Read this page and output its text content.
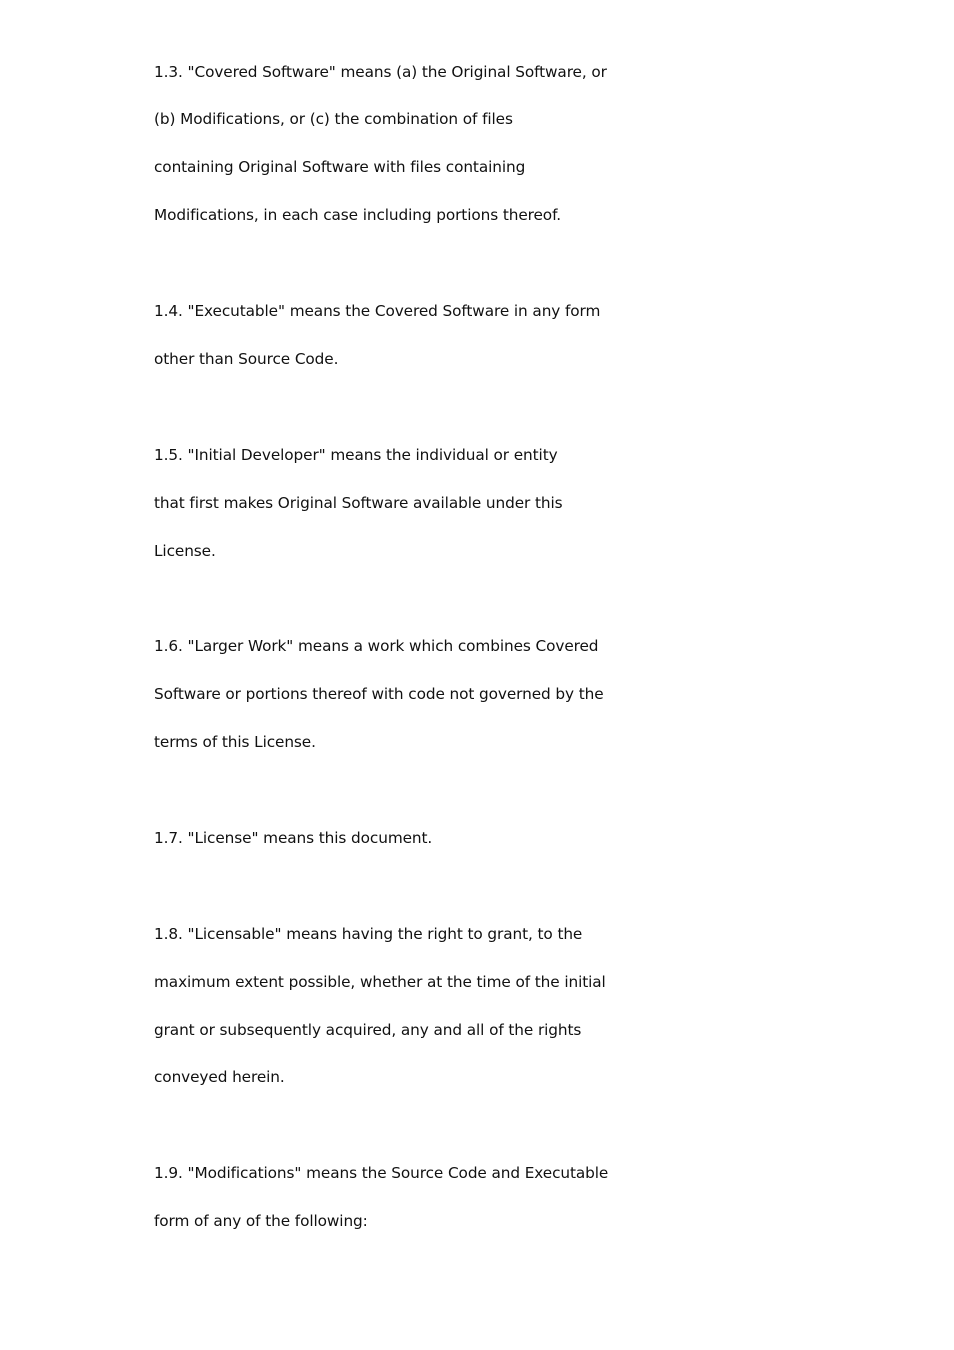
1.3. "Covered Software" means (a) the Original Software, or

(b) Modifications, or (c) the combination of files

containing Original Software with files containing

Modifications, in each case including portions thereof.

1.4. "Executable" means the Covered Software in any form

other than Source Code.

1.5. "Initial Developer" means the individual or entity

that first makes Original Software available under this

License.

1.6. "Larger Work" means a work which combines Covered

Software or portions thereof with code not governed by the

terms of this License.

1.7. "License" means this document.

1.8. "Licensable" means having the right to grant, to the

maximum extent possible, whether at the time of the initial

grant or subsequently acquired, any and all of the rights

conveyed herein.

1.9. "Modifications" means the Source Code and Executable

form of any of the following:
